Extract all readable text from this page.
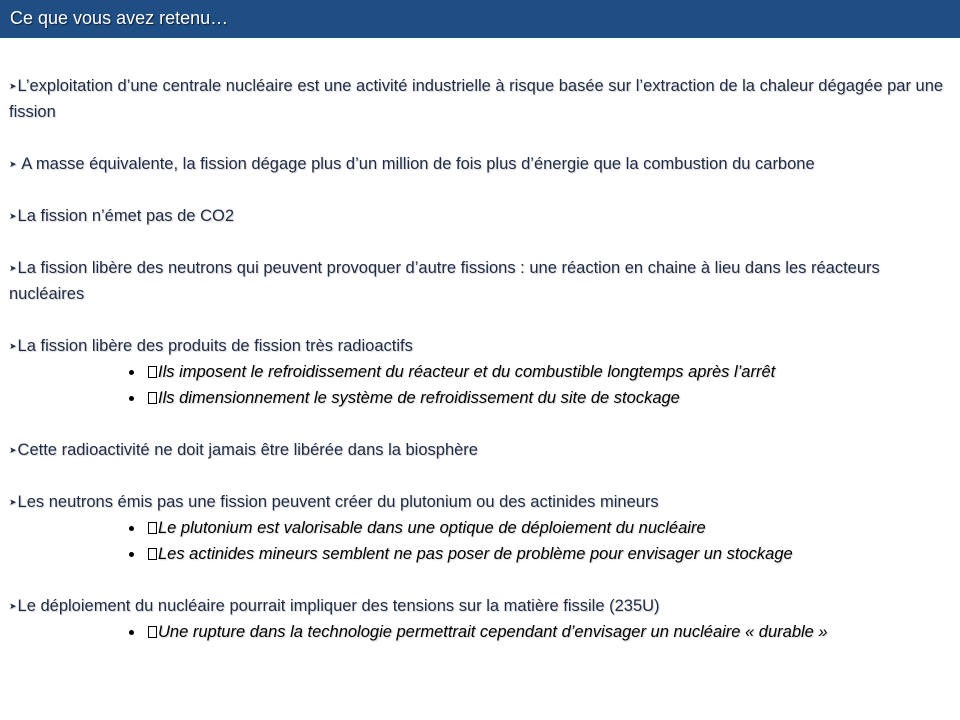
Ce que vous avez retenu…
➤L’exploitation d’une centrale nucléaire est une activité industrielle à risque basée sur l’extraction de la chaleur dégagée par une fission
➤ A masse équivalente, la fission dégage plus d’un million de fois plus d’énergie que la combustion du carbone
➤La fission n’émet pas de CO2
➤La fission libère des neutrons qui peuvent provoquer d’autre fissions : une réaction en chaine à lieu dans les réacteurs nucléaires
➤La fission libère des produits de fission très radioactifs
Ils imposent le refroidissement du réacteur et du combustible longtemps après l’arrêt
Ils dimensionnement le système de refroidissement du site de stockage
➤Cette radioactivité ne doit jamais être libérée dans la biosphère
➤Les neutrons émis pas une fission peuvent créer du plutonium ou des actinides mineurs
Le plutonium est valorisable dans une optique de déploiement du nucléaire
Les actinides mineurs semblent ne pas poser de problème pour envisager un stockage
➤Le déploiement du nucléaire pourrait impliquer des tensions sur la matière fissile (235U)
Une rupture dans la technologie permettrait cependant d’envisager un nucléaire « durable »
